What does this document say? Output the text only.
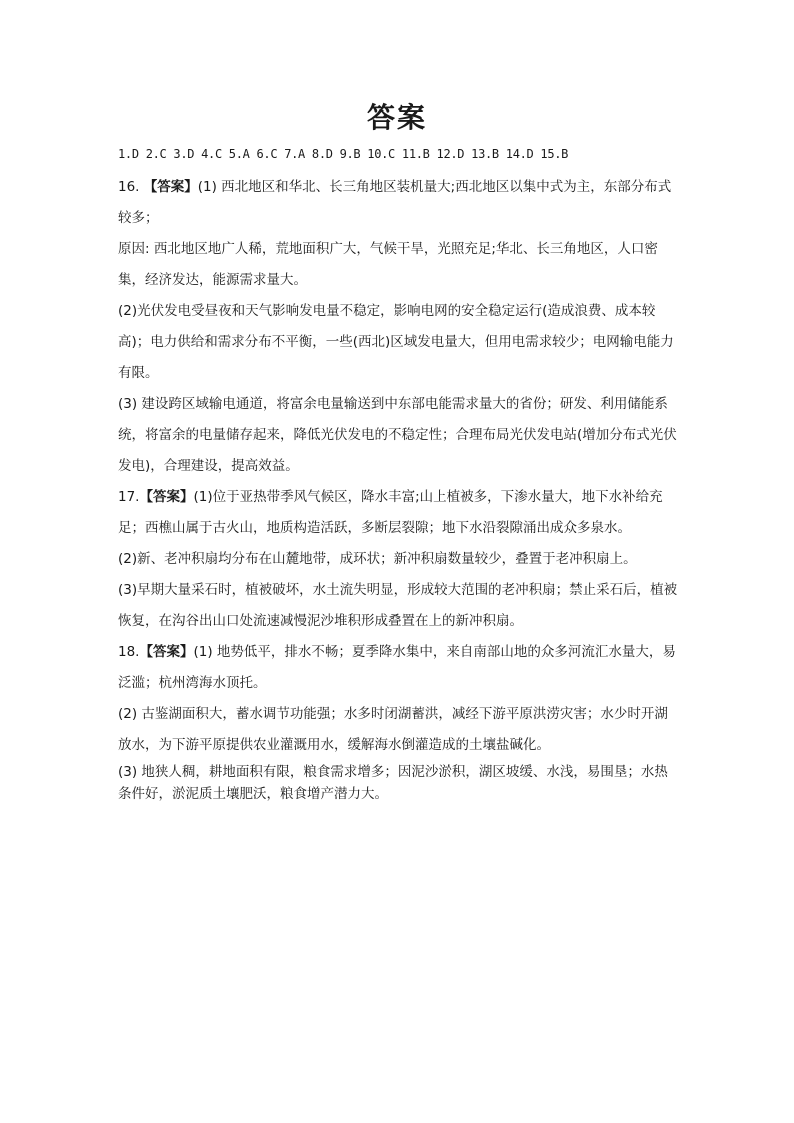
答案

1.D 2.C 3.D 4.C 5.A 6.C 7.A 8.D 9.B 10.C 11.B 12.D 13.B 14.D 15.B

16. 【答案】(1) 西北地区和华北、长三角地区装机量大;西北地区以集中式为主，东部分布式较多；

原因: 西北地区地广人稀，荒地面积广大，气候干旱，光照充足;华北、长三角地区，人口密集，经济发达，能源需求量大。

(2)光伏发电受昼夜和天气影响发电量不稳定，影响电网的安全稳定运行(造成浪费、成本较高)；电力供给和需求分布不平衡，一些(西北)区域发电量大，但用电需求较少；电网输电能力有限。

(3) 建设跨区域输电通道，将富余电量输送到中东部电能需求量大的省份；研发、利用储能系统，将富余的电量储存起来，降低光伏发电的不稳定性；合理布局光伏发电站(增加分布式光伏发电)，合理建设，提高效益。

17.【答案】(1)位于亚热带季风气候区，降水丰富;山上植被多，下渗水量大，地下水补给充足；西樵山属于古火山，地质构造活跃，多断层裂隙；地下水沿裂隙涌出成众多泉水。

(2)新、老冲积扇均分布在山麓地带，成环状；新冲积扇数量较少，叠置于老冲积扇上。

(3)早期大量采石时，植被破坏，水土流失明显，形成较大范围的老冲积扇；禁止采石后，植被恢复，在沟谷出山口处流速减慢泥沙堆积形成叠置在上的新冲积扇。

18.【答案】(1) 地势低平，排水不畅；夏季降水集中，来自南部山地的众多河流汇水量大，易泛滥；杭州湾海水顶托。

(2) 古鉴湖面积大，蓄水调节功能强；水多时闭湖蓄洪，减经下游平原洪涝灾害；水少时开湖放水，为下游平原提供农业灌溉用水，缓解海水倒灌造成的土壤盐碱化。

(3) 地狭人稠，耕地面积有限，粮食需求增多；因泥沙淤积，湖区坡缓、水浅，易围垦；水热条件好，淤泥质土壤肥沃，粮食增产潜力大。
